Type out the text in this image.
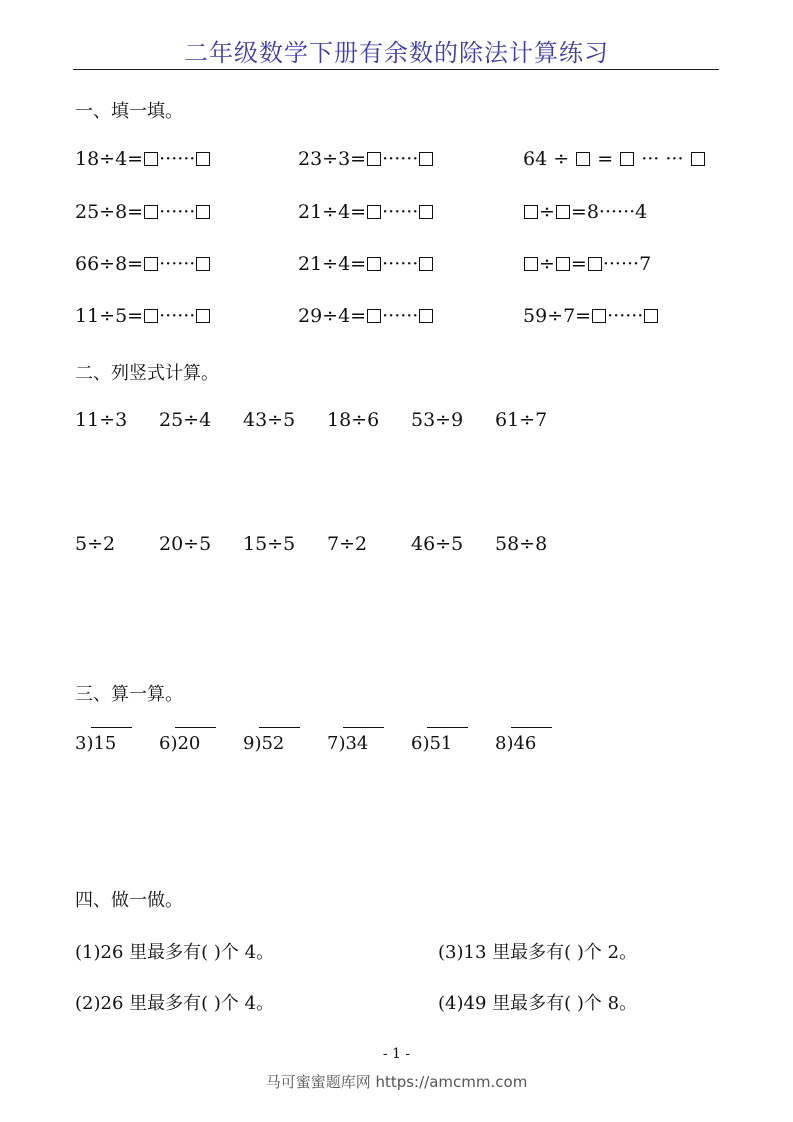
二年级数学下册有余数的除法计算练习
一、填一填。
18÷4= ······	23÷3= ······	64 ÷  =  ··· ···
25÷8= ······	21÷4= ······	÷ =8······4
66÷8= ······	21÷4= ······	÷ = ······7
11÷5= ······	29÷4= ······	59÷7= ······
二、列竖式计算。
11÷3 25÷4 43÷5 18÷6 53÷9 61÷7
5÷2 20÷5 15÷5 7÷2 46÷5 58÷8
三、算一算。
3)15 6)20 9)52 7)34 6)51 8)46
四、做一做。
(1)26 里最多有( )个 4。	(3)13 里最多有( )个 2。
(2)26 里最多有( )个 4。	(4)49 里最多有( )个 8。
- 1 -
马可蜜蜜题库网 https://amcmm.com
